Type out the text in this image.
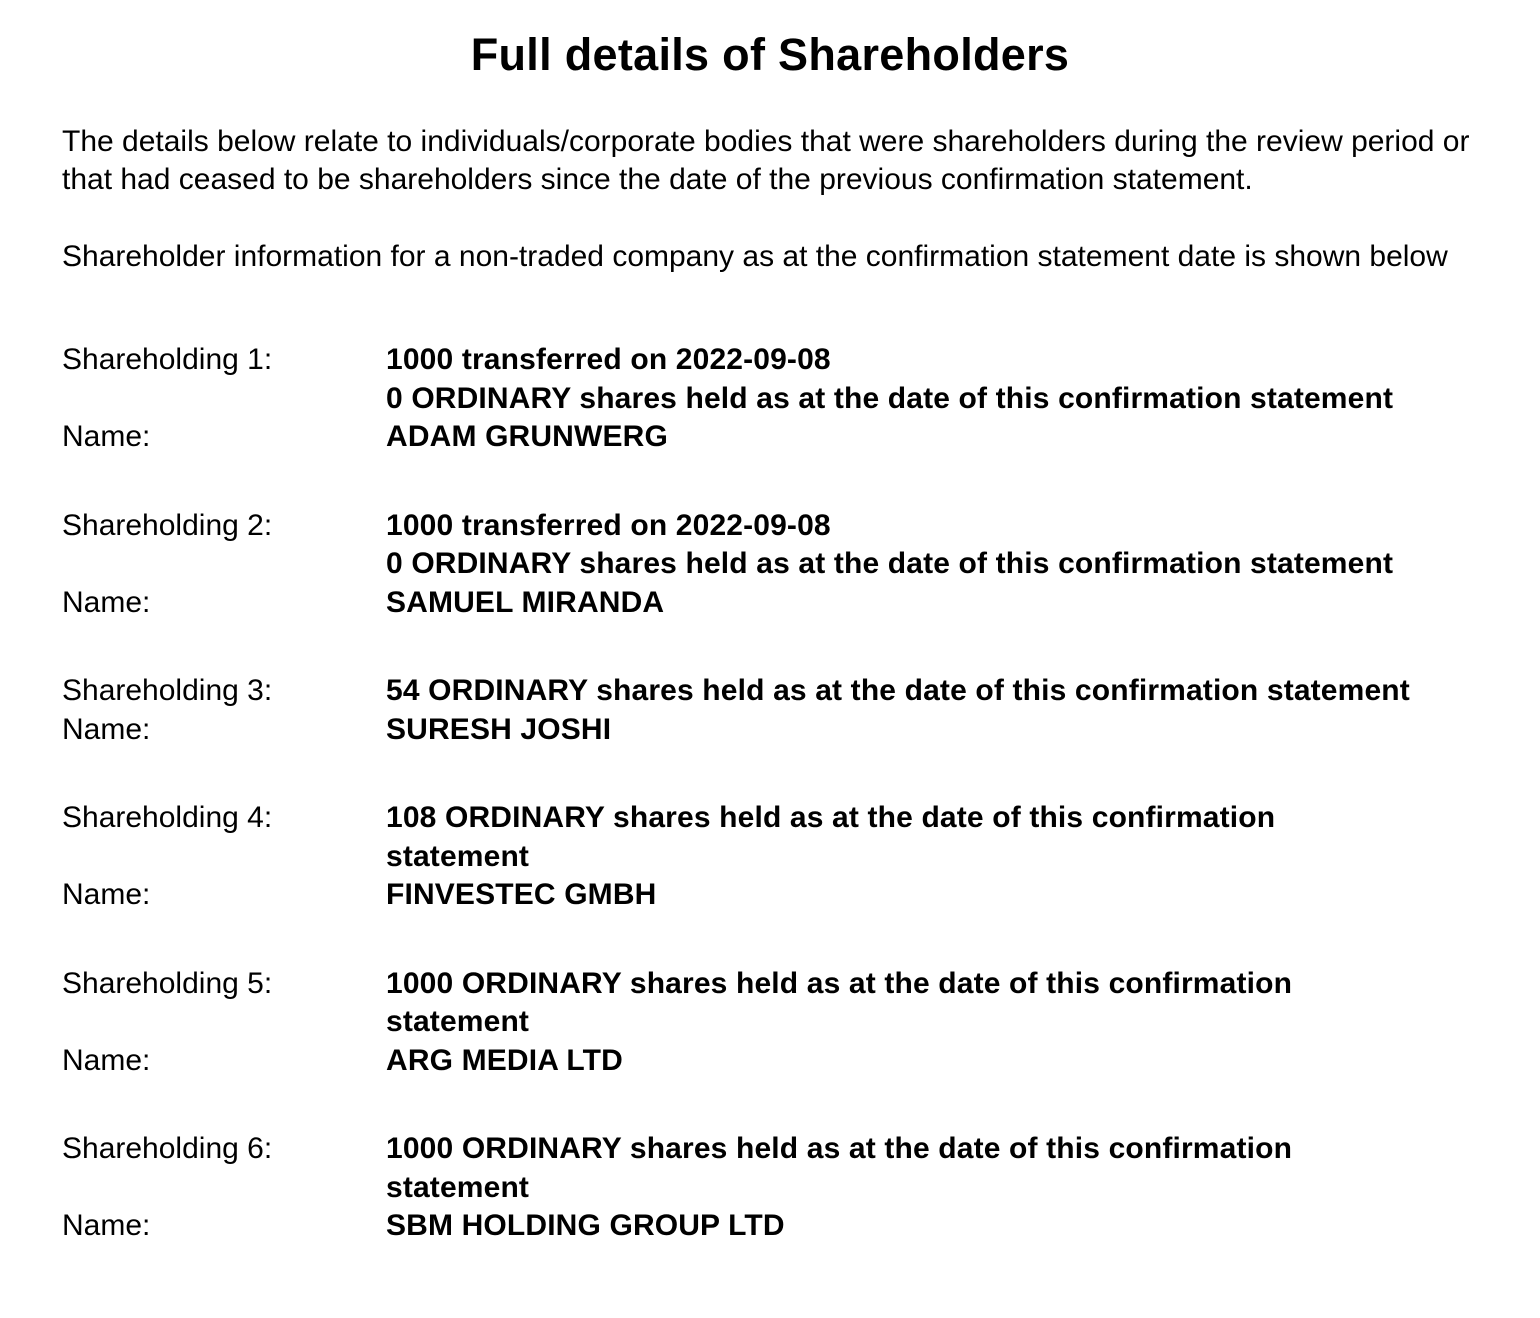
Full details of Shareholders

The details below relate to individuals/corporate bodies that were shareholders during the review period or that had ceased to be shareholders since the date of the previous confirmation statement.

Shareholder information for a non-traded company as at the confirmation statement date is shown below

Shareholding 1:	1000 transferred on 2022-09-08
0 ORDINARY shares held as at the date of this confirmation statement
Name:	ADAM GRUNWERG
Shareholding 2:	1000 transferred on 2022-09-08
0 ORDINARY shares held as at the date of this confirmation statement
Name:	SAMUEL MIRANDA
Shareholding 3:	54 ORDINARY shares held as at the date of this confirmation statement
Name:	SURESH JOSHI
Shareholding 4:	108 ORDINARY shares held as at the date of this confirmation statement
Name:	FINVESTEC GMBH
Shareholding 5:	1000 ORDINARY shares held as at the date of this confirmation statement
Name:	ARG MEDIA LTD
Shareholding 6:	1000 ORDINARY shares held as at the date of this confirmation statement
Name:	SBM HOLDING GROUP LTD
